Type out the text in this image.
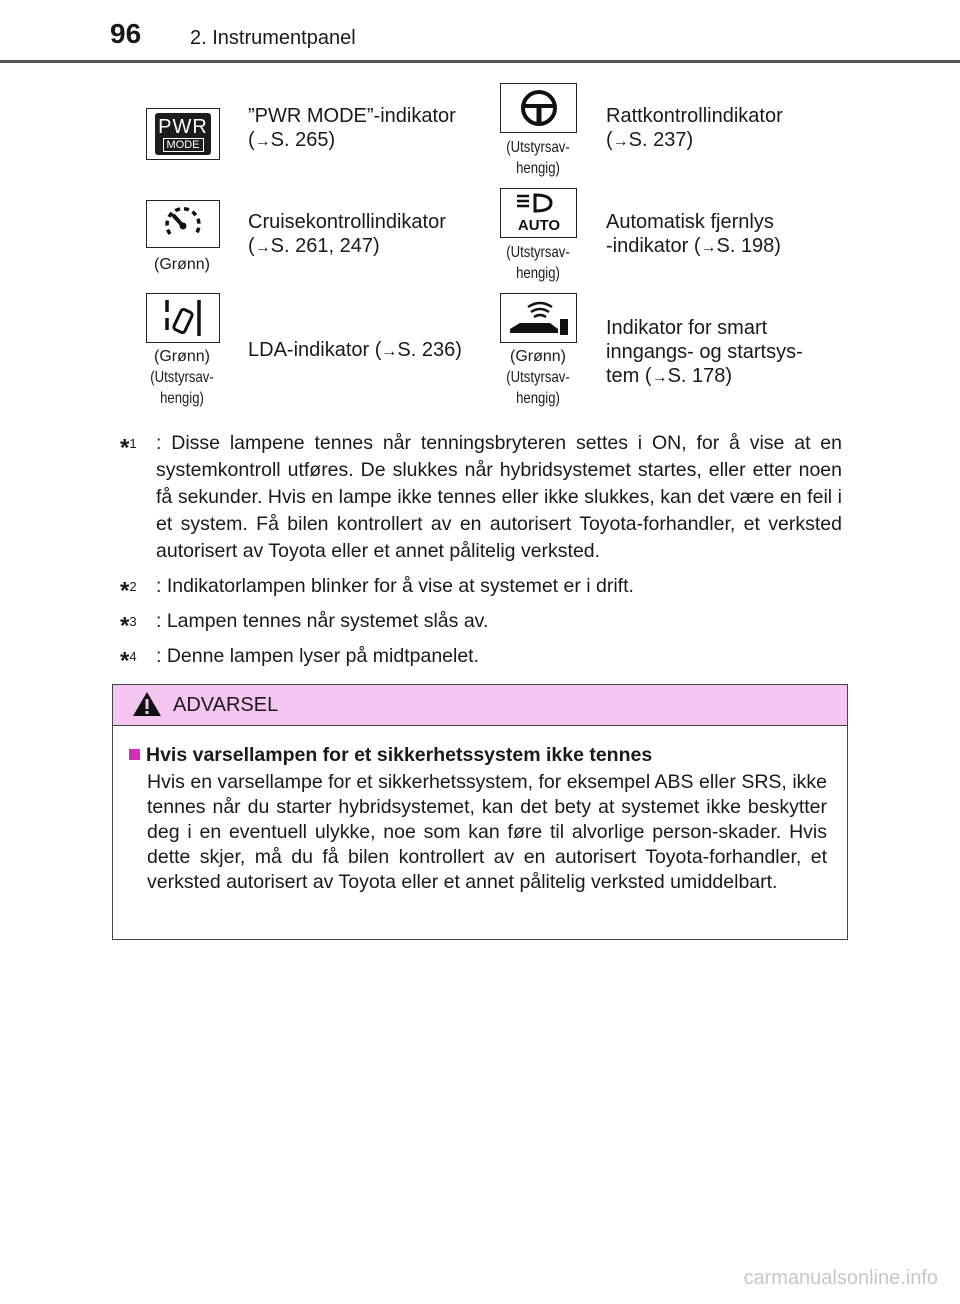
96 2. Instrumentpanel
PWR
MODE
”PWR MODE”-indikator
(→S. 265)	(Utstyrsav-
hengig)
Rattkontrollindikator
(→S. 237)
(Grønn)
Cruisekontrollindikator
(→S. 261, 247)
AUTO
(Utstyrsav-
hengig)
Automatisk fjernlys
-indikator (→S. 198)
(Grønn)
(Utstyrsav-
hengig)
LDA-indikator (→S. 236)	(Grønn)
(Utstyrsav-
hengig)
Indikator for smart
inngangs- og startsys-
tem (→S. 178)
*$^1$ : Disse lampene tennes når tenningsbryteren settes i ON, for å vise at en systemkontroll utføres. De slukkes når hybridsystemet startes, eller etter noen få sekunder. Hvis en lampe ikke tennes eller ikke slukkes, kan det være en feil i et system. Få bilen kontrollert av en autorisert Toyota-forhandler, et verksted autorisert av Toyota eller et annet pålitelig verksted.
*$^2$ : Indikatorlampen blinker for å vise at systemet er i drift.
*$^3$ : Lampen tennes når systemet slås av.
*$^4$ : Denne lampen lyser på midtpanelet.
ADVARSEL
Hvis varsellampen for et sikkerhetssystem ikke tennes
Hvis en varsellampe for et sikkerhetssystem, for eksempel ABS eller SRS, ikke tennes når du starter hybridsystemet, kan det bety at systemet ikke beskytter deg i en eventuell ulykke, noe som kan føre til alvorlige person-skader. Hvis dette skjer, må du få bilen kontrollert av en autorisert Toyota-forhandler, et verksted autorisert av Toyota eller et annet pålitelig verksted umiddelbart.
carmanualsonline.info
